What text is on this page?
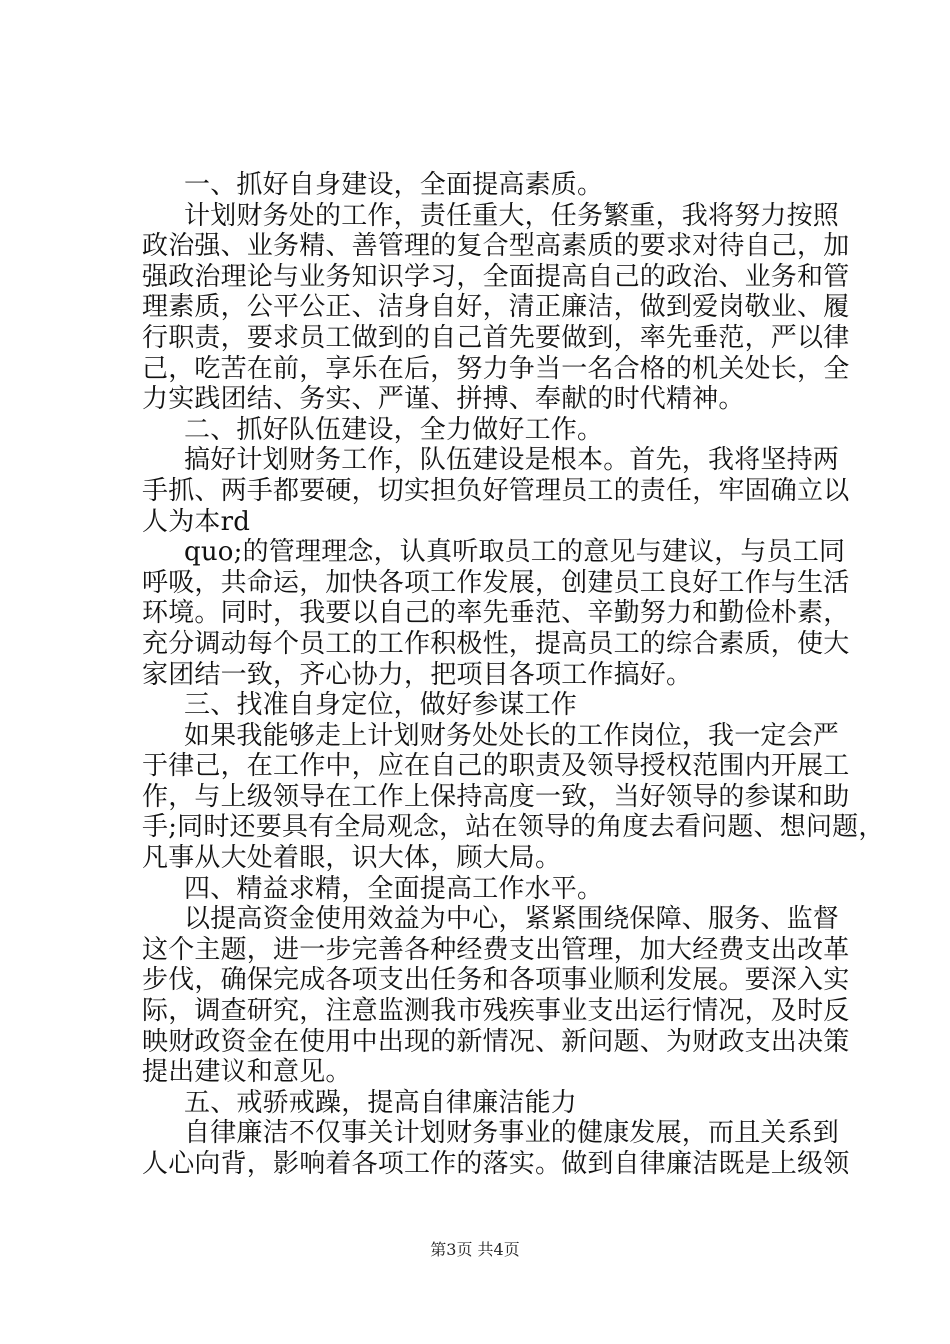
一、抓好自身建设，全面提高素质。
计划财务处的工作，责任重大，任务繁重，我将努力按照
政治强、业务精、善管理的复合型高素质的要求对待自己，加
强政治理论与业务知识学习，全面提高自己的政治、业务和管
理素质，公平公正、洁身自好，清正廉洁，做到爱岗敬业、履
行职责，要求员工做到的自己首先要做到，率先垂范，严以律
己，吃苦在前，享乐在后，努力争当一名合格的机关处长，全
力实践团结、务实、严谨、拼搏、奉献的时代精神。
二、抓好队伍建设，全力做好工作。
搞好计划财务工作，队伍建设是根本。首先，我将坚持两
手抓、两手都要硬，切实担负好管理员工的责任，牢固确立以
人为本rd
quo;的管理理念，认真听取员工的意见与建议，与员工同
呼吸，共命运，加快各项工作发展，创建员工良好工作与生活
环境。同时，我要以自己的率先垂范、辛勤努力和勤俭朴素，
充分调动每个员工的工作积极性，提高员工的综合素质，使大
家团结一致，齐心协力，把项目各项工作搞好。
三、找准自身定位，做好参谋工作
如果我能够走上计划财务处处长的工作岗位，我一定会严
于律己，在工作中，应在自己的职责及领导授权范围内开展工
作，与上级领导在工作上保持高度一致，当好领导的参谋和助
手;同时还要具有全局观念，站在领导的角度去看问题、想问题，
凡事从大处着眼，识大体，顾大局。
四、精益求精，全面提高工作水平。
以提高资金使用效益为中心，紧紧围绕保障、服务、监督
这个主题，进一步完善各种经费支出管理，加大经费支出改革
步伐，确保完成各项支出任务和各项事业顺利发展。要深入实
际，调查研究，注意监测我市残疾事业支出运行情况，及时反
映财政资金在使用中出现的新情况、新问题、为财政支出决策
提出建议和意见。
五、戒骄戒躁，提高自律廉洁能力
自律廉洁不仅事关计划财务事业的健康发展，而且关系到
人心向背，影响着各项工作的落实。做到自律廉洁既是上级领
第3页 共4页
